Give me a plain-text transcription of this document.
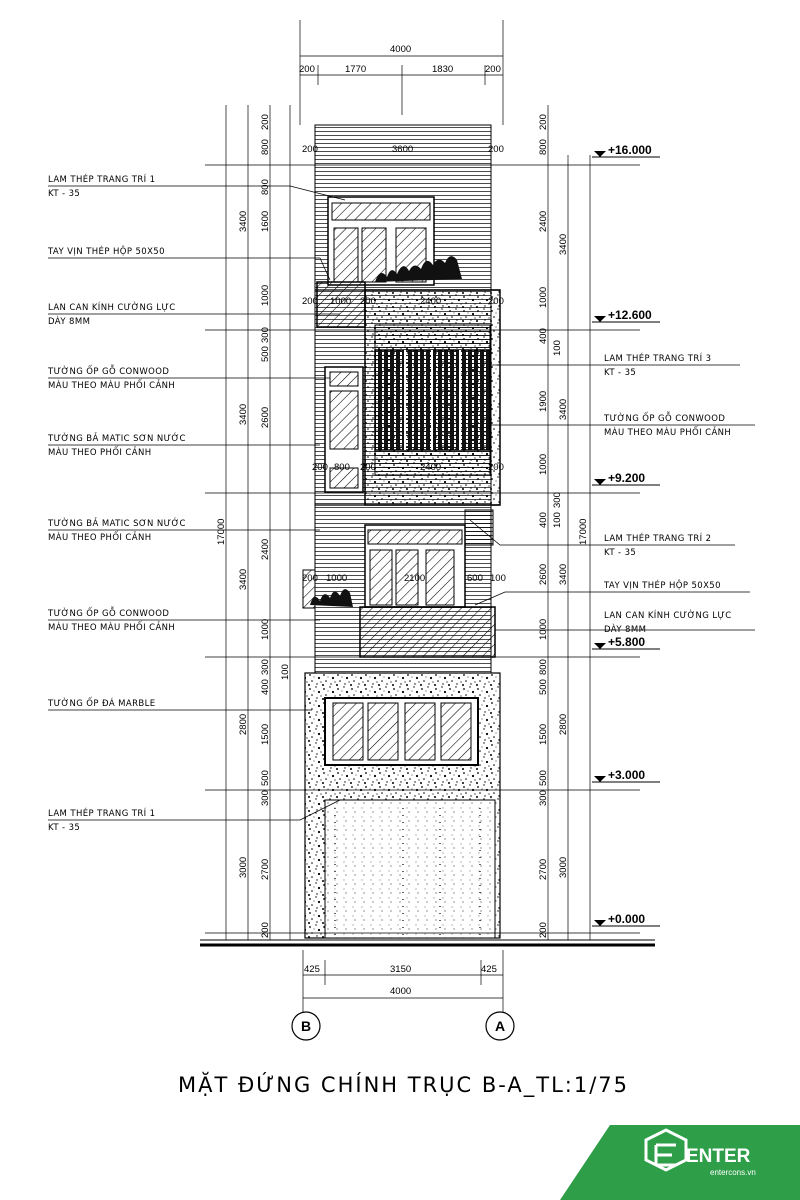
+16.000
+12.600
+9.200
+5.800
+3.000
+0.000
4000
200	1770	1830	200
4000
425	3150	425
200	3600	200
200 1000 200	2400	200
200 800 200	2400	200
200 1000	2100	600 100
3400
3400
3400
2800
3000
17000
200
800
800
1600
1000
500
300
2600
2400
1000
400
300 100
1500
500
300
2700
200
200
800
2400
1000
400
100
1900
1000
300
400 100
2600
1000
800
500
1500
500
300
2700
200
3400
3400
3400
2800
3000
17000
LAM THÉP TRANG TRÍ 1
KT - 35
TAY VỊN THÉP HỘP 50X50
LAN CAN KÍNH CƯỜNG LỰC
DÀY 8MM
TƯỜNG ỐP GỖ CONWOOD
MÀU THEO MÀU PHỐI CẢNH
TƯỜNG BẢ MATIC SƠN NƯỚC
MÀU THEO PHỐI CẢNH
TƯỜNG BẢ MATIC SƠN NƯỚC
MÀU THEO PHỐI CẢNH
TƯỜNG ỐP GỖ CONWOOD
MÀU THEO MÀU PHỐI CẢNH
TƯỜNG ỐP ĐÁ MARBLE
LAM THÉP TRANG TRÍ 1
KT - 35
LAM THÉP TRANG TRÍ 3
KT - 35
TƯỜNG ỐP GỖ CONWOOD
MÀU THEO MÀU PHỐI CẢNH
LAM THÉP TRANG TRÍ 2
KT - 35
TAY VỊN THÉP HỘP 50X50
LAN CAN KÍNH CƯỜNG LỰC
DÀY 8MM
B	A
MẶT ĐỨNG CHÍNH TRỤC B-A_TL:1/75
ENTER
entercons.vn
